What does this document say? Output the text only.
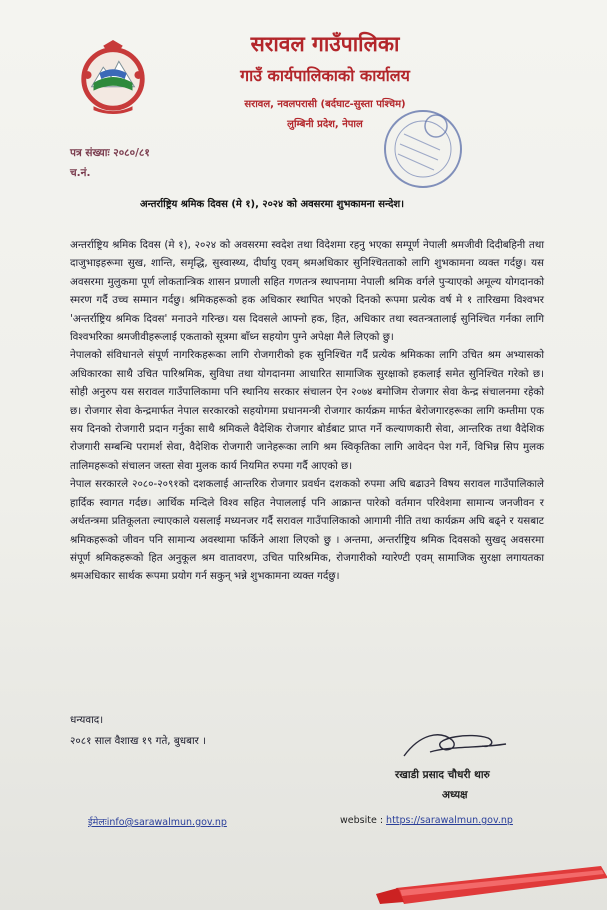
सरावल गाउँपालिका
गाउँ कार्यपालिकाको कार्यालय
सरावल, नवलपरासी (बर्दघाट-सुस्ता पश्चिम)
लुम्बिनी प्रदेश, नेपाल
पत्र संख्याः २०८०/८१
च.नं.
अन्तर्राष्ट्रिय श्रमिक दिवस (मे १), २०२४ को अवसरमा शुभकामना सन्देश।

अन्तर्राष्ट्रिय श्रमिक दिवस (मे १), २०२४ को अवसरमा स्वदेश तथा विदेशमा रहनु भएका सम्पूर्ण नेपाली श्रमजीवी दिदीबहिनी तथा दाजुभाइहरूमा सुख, शान्ति, समृद्धि, सुस्वास्थ्य, दीर्घायु एवम् श्रमअधिकार सुनिश्चितताको लागि शुभकामना व्यक्त गर्दछु। यस अवसरमा मुलुकमा पूर्ण लोकतान्त्रिक शासन प्रणाली सहित गणतन्त्र स्थापनामा नेपाली श्रमिक वर्गले पुऱ्याएको अमूल्य योगदानको स्मरण गर्दै उच्च सम्मान गर्दछु। श्रमिकहरूको हक अधिकार स्थापित भएको दिनको रूपमा प्रत्येक वर्ष मे १ तारिखमा विश्वभर 'अन्तर्राष्ट्रिय श्रमिक दिवस' मनाउने गरिन्छ। यस दिवसले आफ्नो हक, हित, अधिकार तथा स्वतन्त्रतालाई सुनिश्चित गर्नका लागि विश्वभरिका श्रमजीवीहरूलाई एकताको सूत्रमा बाँध्न सहयोग पुग्ने अपेक्षा मैले लिएको छु।

नेपालको संविधानले संपूर्ण नागरिकहरूका लागि रोजगारीको हक सुनिश्चित गर्दै प्रत्येक श्रमिकका लागि उचित श्रम अभ्यासको अधिकारका साथै उचित पारिश्रमिक, सुविधा तथा योगदानमा आधारित सामाजिक सुरक्षाको हकलाई समेत सुनिश्चित गरेको छ। सोही अनुरुप यस सरावल गाउँपालिकामा पनि स्थानिय सरकार संचालन ऐन २०७४ बमोजिम रोजगार सेवा केन्द्र संचालनमा रहेको छ। रोजगार सेवा केन्द्रमार्फत नेपाल सरकारको सहयोगमा प्रधानमन्त्री रोजगार कार्यक्रम मार्फत बेरोजगारहरूका लागि कम्तीमा एक सय दिनको रोजगारी प्रदान गर्नुका साथै श्रमिकले वैदेशिक रोजगार बोर्डबाट प्राप्त गर्ने कल्याणकारी सेवा, आन्तरिक तथा वैदेशिक रोजगारी सम्बन्धि परामर्श सेवा, वैदेशिक रोजगारी जानेहरूका लागि श्रम स्विकृतिका लागि आवेदन पेश गर्ने, विभिन्न सिप मुलक तालिमहरूको संचालन जस्ता सेवा मुलक कार्य नियमित रुपमा गर्दै आएको छ।

नेपाल सरकारले २०८०-२०९१को दशकलाई आन्तरिक रोजगार प्रवर्धन दशकको रुपमा अघि बढाउने विषय सरावल गाउँपालिकाले हार्दिक स्वागत गर्दछ। आर्थिक मन्दिले विश्व सहित नेपाललाई पनि आक्रान्त पारेको वर्तमान परिवेशमा सामान्य जनजीवन र अर्थतन्त्रमा प्रतिकूलता ल्याएकाले यसलाई मध्यनजर गर्दै सरावल गाउँपालिकाको आगामी नीति तथा कार्यक्रम अघि बढ्ने र यसबाट श्रमिकहरूको जीवन पनि सामान्य अवस्थामा फर्किने आशा लिएको छु । अन्तमा, अन्तर्राष्ट्रिय श्रमिक दिवसको सुखद् अवसरमा संपूर्ण श्रमिकहरूको हित अनुकूल श्रम वातावरण, उचित पारिश्रमिक, रोजगारीको ग्यारेण्टी एवम् सामाजिक सुरक्षा लगायतका श्रमअधिकार सार्थक रूपमा प्रयोग गर्न सकुन् भन्ने शुभकामना व्यक्त गर्दछु।

धन्यवाद।
२०८१ साल वैशाख १९ गते, बुधबार ।
रखाडी प्रसाद चौधरी थारु
अध्यक्ष
ईमेलःinfo@sarawalmun.gov.np	website : https://sarawalmun.gov.np
